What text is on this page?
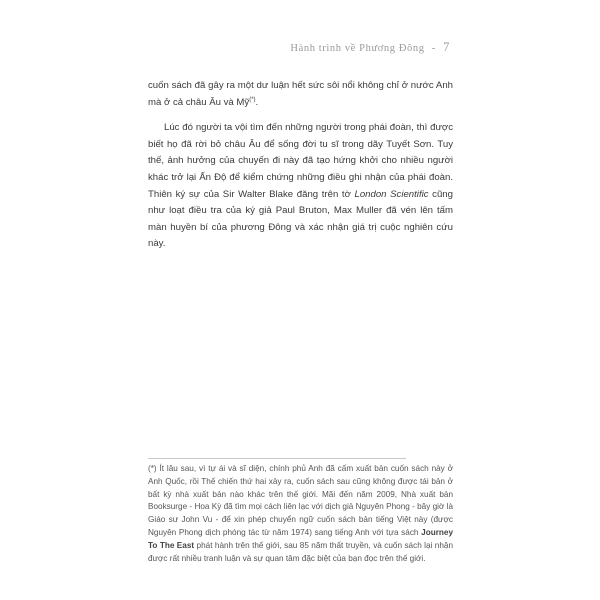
Hành trình về Phương Đông - 7

cuốn sách đã gây ra một dư luận hết sức sôi nổi không chỉ ở nước Anh mà ở cả châu Âu và Mỹ(*).

Lúc đó người ta vội tìm đến những người trong phái đoàn, thì được biết họ đã rời bỏ châu Âu để sống đời tu sĩ trong dãy Tuyết Sơn. Tuy thế, ảnh hưởng của chuyến đi này đã tạo hứng khởi cho nhiều người khác trở lại Ấn Độ để kiểm chứng những điều ghi nhận của phái đoàn. Thiên ký sự của Sir Walter Blake đăng trên tờ London Scientific cũng như loạt điều tra của ký giả Paul Bruton, Max Muller đã vén lên tấm màn huyền bí của phương Đông và xác nhận giá trị cuộc nghiên cứu này.

(*) Ít lâu sau, vì tự ái và sĩ diện, chính phủ Anh đã cấm xuất bản cuốn sách này ở Anh Quốc, rồi Thế chiến thứ hai xảy ra, cuốn sách sau cũng không được tái bản ở bất kỳ nhà xuất bản nào khác trên thế giới. Mãi đến năm 2009, Nhà xuất bản Booksurge - Hoa Kỳ đã tìm mọi cách liên lạc với dịch giả Nguyên Phong - bây giờ là Giáo sư John Vu - để xin phép chuyển ngữ cuốn sách bản tiếng Việt này (được Nguyên Phong dịch phóng tác từ năm 1974) sang tiếng Anh với tựa sách Journey To The East phát hành trên thế giới, sau 85 năm thất truyền, và cuốn sách lại nhận được rất nhiều tranh luận và sự quan tâm đặc biệt của bạn đọc trên thế giới.
